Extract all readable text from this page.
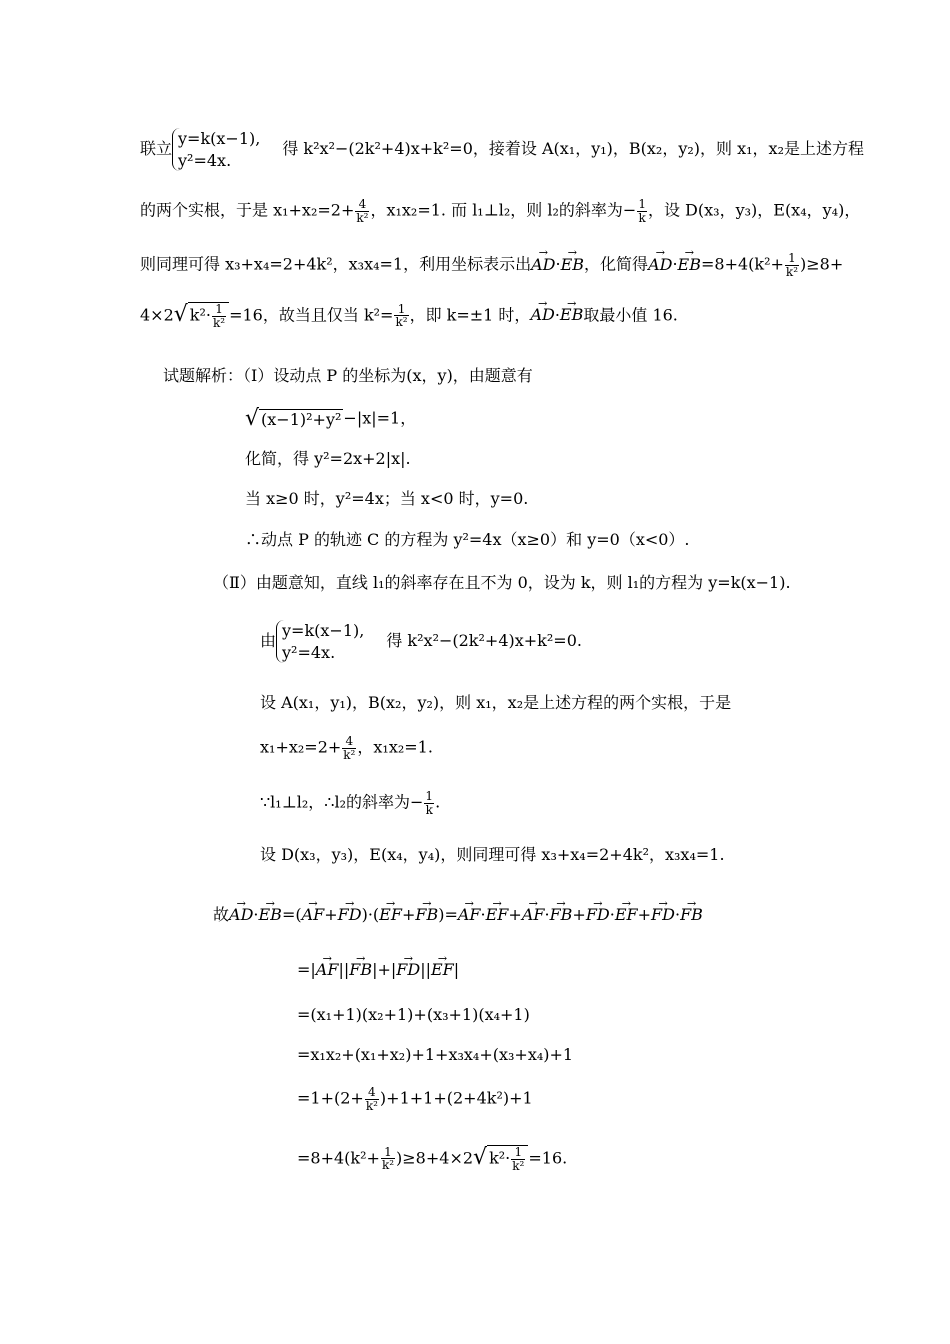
联立
y=k(x−1),
y²=4x.
得 k²x²−(2k²+4)x+k²=0，接着设 A(x₁，y₁)，B(x₂，y₂)，则 x₁，x₂是上述方程
的两个实根，于是 $x_1+x_2=2+ \frac{4}{\text{k²}}$ ，x₁x₂=1. 而 l₁⊥l₂，则 l₂的斜率为− $\frac{1}{k}$ ，设 D(x₃，y₃)，E(x₄，y₄)，
则同理可得 x₃+x₄=2+4k²，x₃x₄=1，利用坐标表示出→ AD·→ EB，化简得→ $AD\cdot\to EB=8+4(k^2+ \frac{1}{\text{k²}} )\ge 8+$
4×2√ $k^2\cdot \frac{1}{\text{k²}} =16$，故当且仅当 $k^2= \frac{1}{\text{k²}}$ ，即 k=±1 时，→ AD·→ EB取最小值 16.
试题解析：（Ⅰ）设动点 P 的坐标为(x，y)，由题意有
√ (x−1)²+y² −|x|=1，
化简，得 y²=2x+2|x|.
当 x≥0 时，y²=4x；当 x<0 时，y=0.
∴动点 P 的轨迹 C 的方程为 y²=4x（x≥0）和 y=0（x<0）.
（Ⅱ）由题意知，直线 l₁的斜率存在且不为 0，设为 k，则 l₁的方程为 y=k(x−1).
由
y=k(x−1),
y²=4x.
得 k²x²−(2k²+4)x+k²=0.
设 A(x₁，y₁)，B(x₂，y₂)，则 x₁，x₂是上述方程的两个实根，于是
$x_1+x_2=2+ \frac{4}{\text{k²}}$ ，x₁x₂=1.
∵l₁⊥l₂，∴l₂的斜率为− $\frac{1}{k}$ .
设 D(x₃，y₃)，E(x₄，y₄)，则同理可得 x₃+x₄=2+4k²，x₃x₄=1.
故→ AD·→ EB=(→ AF+→ FD)·(→ EF+→ FB)=→ AF·→ EF+→ AF·→ FB+→ FD·→ EF+→ FD·→ FB
=|→ AF||→ FB|+|→ FD||→ EF|
=(x₁+1)(x₂+1)+(x₃+1)(x₄+1)
=x₁x₂+(x₁+x₂)+1+x₃x₄+(x₃+x₄)+1
$=1+(2+ \frac{4}{\text{k²}} )+1+1+(2+4k^2)+1$
$=8+4(k^2+ \frac{1}{\text{k²}} )\ge 8+4\times 2√$ $k^2\cdot \frac{1}{\text{k²}} =16$.
